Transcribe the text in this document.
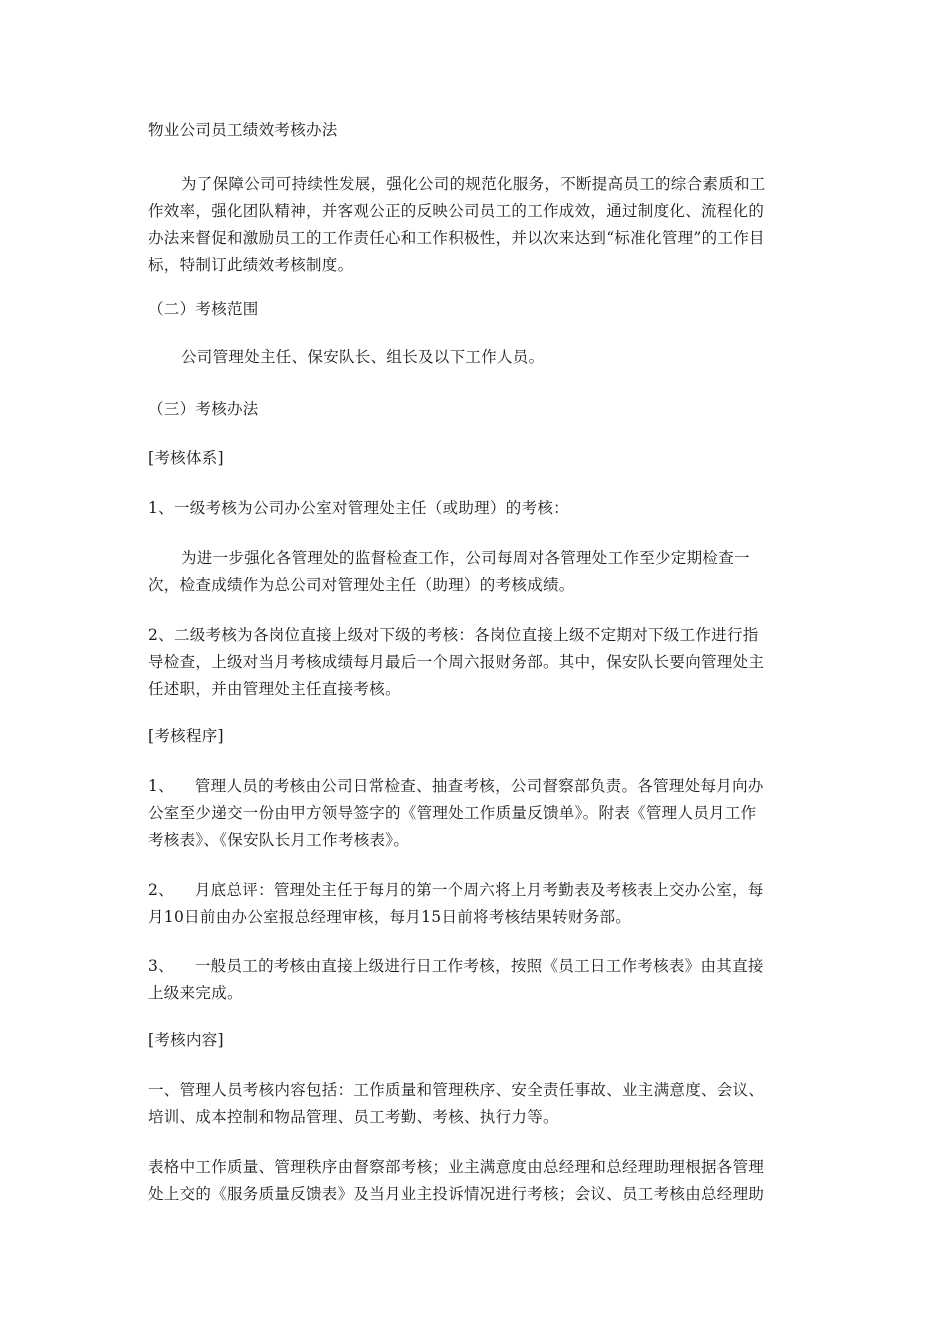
物业公司员工绩效考核办法
为了保障公司可持续性发展，强化公司的规范化服务，不断提高员工的综合素质和工
作效率，强化团队精神，并客观公正的反映公司员工的工作成效，通过制度化、流程化的
办法来督促和激励员工的工作责任心和工作积极性，并以次来达到“标准化管理”的工作目
标，特制订此绩效考核制度。
（二）考核范围
公司管理处主任、保安队长、组长及以下工作人员。
（三）考核办法
[考核体系]
1、一级考核为公司办公室对管理处主任（或助理）的考核：
为进一步强化各管理处的监督检查工作，公司每周对各管理处工作至少定期检查一
次，检查成绩作为总公司对管理处主任（助理）的考核成绩。
2、二级考核为各岗位直接上级对下级的考核：各岗位直接上级不定期对下级工作进行指
导检查，上级对当月考核成绩每月最后一个周六报财务部。其中，保安队长要向管理处主
任述职，并由管理处主任直接考核。
[考核程序]
1、    管理人员的考核由公司日常检查、抽查考核，公司督察部负责。各管理处每月向办
公室至少递交一份由甲方领导签字的《管理处工作质量反馈单》。附表《管理人员月工作
考核表》、《保安队长月工作考核表》。
2、    月底总评：管理处主任于每月的第一个周六将上月考勤表及考核表上交办公室，每
月10日前由办公室报总经理审核，每月15日前将考核结果转财务部。
3、    一般员工的考核由直接上级进行日工作考核，按照《员工日工作考核表》由其直接
上级来完成。
[考核内容]
一、管理人员考核内容包括：工作质量和管理秩序、安全责任事故、业主满意度、会议、
培训、成本控制和物品管理、员工考勤、考核、执行力等。
表格中工作质量、管理秩序由督察部考核；业主满意度由总经理和总经理助理根据各管理
处上交的《服务质量反馈表》及当月业主投诉情况进行考核；会议、员工考核由总经理助
